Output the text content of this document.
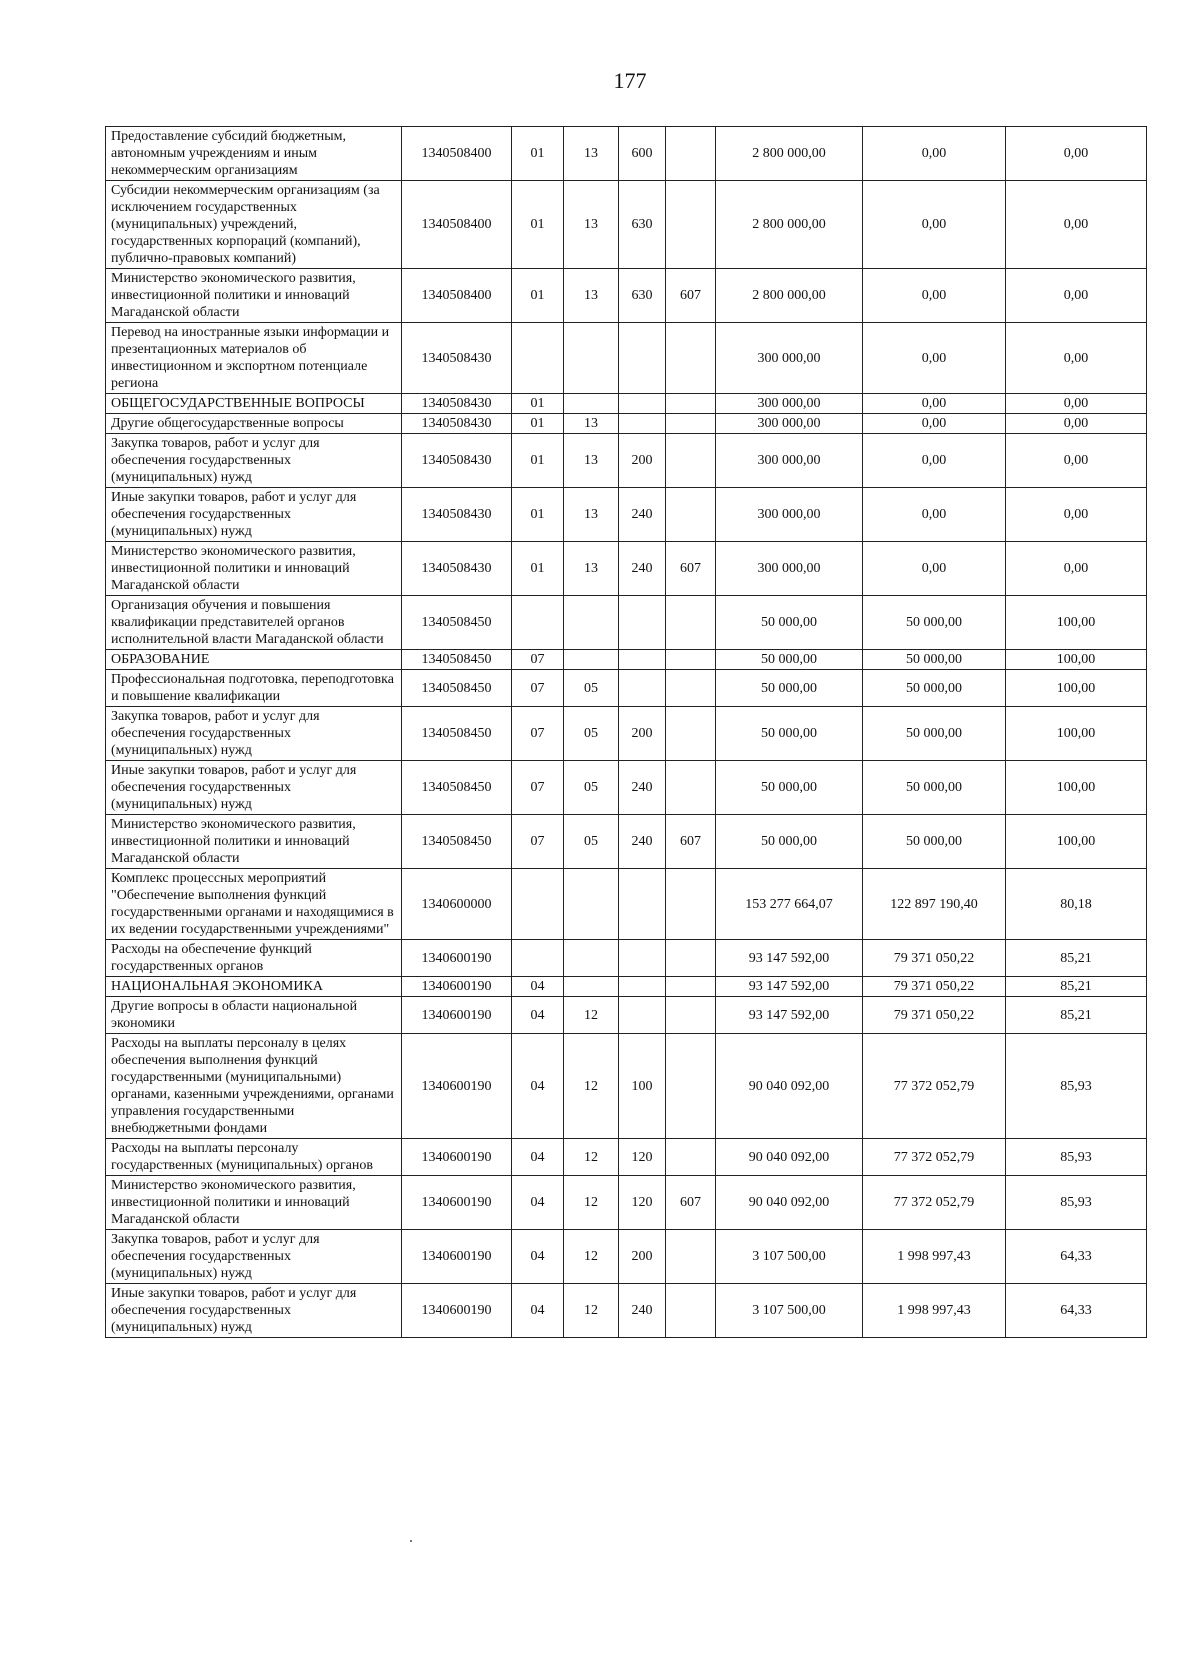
177
Предоставление субсидий бюджетным, автономным учреждениям и иным некоммерческим организациям	1340508400	01	13	600		2 800 000,00	0,00	0,00
Субсидии некоммерческим организациям (за исключением государственных (муниципальных) учреждений, государственных корпораций (компаний), публично-правовых компаний)	1340508400	01	13	630		2 800 000,00	0,00	0,00
Министерство экономического развития, инвестиционной политики и инноваций Магаданской области	1340508400	01	13	630	607	2 800 000,00	0,00	0,00
Перевод на иностранные языки информации и презентационных материалов об инвестиционном и экспортном потенциале региона	1340508430					300 000,00	0,00	0,00
ОБЩЕГОСУДАРСТВЕННЫЕ ВОПРОСЫ	1340508430	01				300 000,00	0,00	0,00
Другие общегосударственные вопросы	1340508430	01	13			300 000,00	0,00	0,00
Закупка товаров, работ и услуг для обеспечения государственных (муниципальных) нужд	1340508430	01	13	200		300 000,00	0,00	0,00
Иные закупки товаров, работ и услуг для обеспечения государственных (муниципальных) нужд	1340508430	01	13	240		300 000,00	0,00	0,00
Министерство экономического развития, инвестиционной политики и инноваций Магаданской области	1340508430	01	13	240	607	300 000,00	0,00	0,00
Организация обучения и повышения квалификации представителей органов исполнительной власти Магаданской области	1340508450					50 000,00	50 000,00	100,00
ОБРАЗОВАНИЕ	1340508450	07				50 000,00	50 000,00	100,00
Профессиональная подготовка, переподготовка и повышение квалификации	1340508450	07	05			50 000,00	50 000,00	100,00
Закупка товаров, работ и услуг для обеспечения государственных (муниципальных) нужд	1340508450	07	05	200		50 000,00	50 000,00	100,00
Иные закупки товаров, работ и услуг для обеспечения государственных (муниципальных) нужд	1340508450	07	05	240		50 000,00	50 000,00	100,00
Министерство экономического развития, инвестиционной политики и инноваций Магаданской области	1340508450	07	05	240	607	50 000,00	50 000,00	100,00
Комплекс процессных мероприятий "Обеспечение выполнения функций государственными органами и находящимися в их ведении государственными учреждениями"	1340600000					153 277 664,07	122 897 190,40	80,18
Расходы на обеспечение функций государственных органов	1340600190					93 147 592,00	79 371 050,22	85,21
НАЦИОНАЛЬНАЯ ЭКОНОМИКА	1340600190	04				93 147 592,00	79 371 050,22	85,21
Другие вопросы в области национальной экономики	1340600190	04	12			93 147 592,00	79 371 050,22	85,21
Расходы на выплаты персоналу в целях обеспечения выполнения функций государственными (муниципальными) органами, казенными учреждениями, органами управления государственными внебюджетными фондами	1340600190	04	12	100		90 040 092,00	77 372 052,79	85,93
Расходы на выплаты персоналу государственных (муниципальных) органов	1340600190	04	12	120		90 040 092,00	77 372 052,79	85,93
Министерство экономического развития, инвестиционной политики и инноваций Магаданской области	1340600190	04	12	120	607	90 040 092,00	77 372 052,79	85,93
Закупка товаров, работ и услуг для обеспечения государственных (муниципальных) нужд	1340600190	04	12	200		3 107 500,00	1 998 997,43	64,33
Иные закупки товаров, работ и услуг для обеспечения государственных (муниципальных) нужд	1340600190	04	12	240		3 107 500,00	1 998 997,43	64,33
